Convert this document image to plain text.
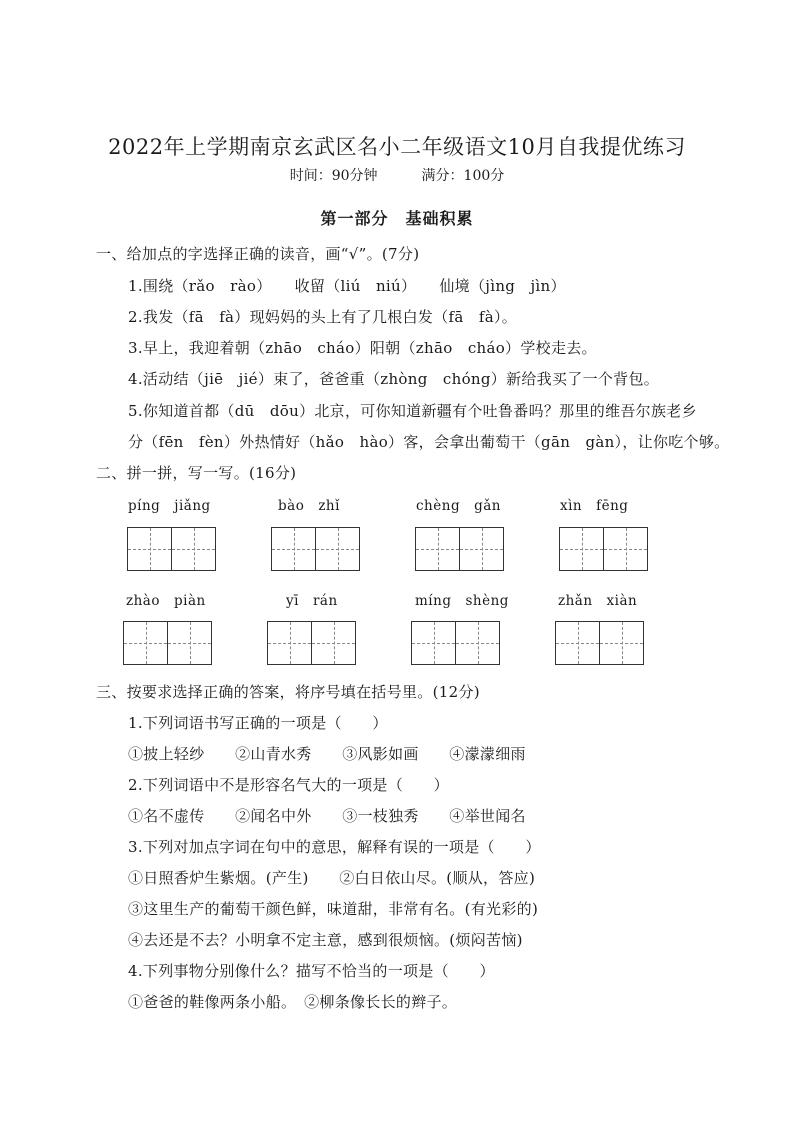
2022年上学期南京玄武区名小二年级语文10月自我提优练习
时间：90分钟	满分：100分
第一部分　基础积累
一、给加点的字选择正确的读音，画“√”。(7分)
1.围绕（rǎo　rào）　　收留（liú　niú）　　仙境（jìng　jìn）
2.我发（fā　fà）现妈妈的头上有了几根白发（fā　fà）。
3.早上，我迎着朝（zhāo　cháo）阳朝（zhāo　cháo）学校走去。
4.活动结（jiē　jié）束了，爸爸重（zhòng　chóng）新给我买了一个背包。
5.你知道首都（dū　dōu）北京，可你知道新疆有个吐鲁番吗？那里的维吾尔族老乡
分（fēn　fèn）外热情好（hǎo　hào）客，会拿出葡萄干（gān　gàn），让你吃个够。
二、拼一拼，写一写。(16分)
píng　jiǎng	bào　zhǐ	chèng　gǎn	xìn　fēng
zhào　piàn	yī　rán	míng　shèng	zhǎn　xiàn
三、按要求选择正确的答案，将序号填在括号里。(12分)
1.下列词语书写正确的一项是（　　）
①披上轻纱　　②山青水秀　　③风影如画　　④濛濛细雨
2.下列词语中不是形容名气大的一项是（　　）
①名不虚传　　②闻名中外　　③一枝独秀　　④举世闻名
3.下列对加点字词在句中的意思，解释有误的一项是（　　）
①日照香炉生紫烟。(产生)　　②白日依山尽。(顺从，答应)
③这里生产的葡萄干颜色鲜，味道甜，非常有名。(有光彩的)
④去还是不去？小明拿不定主意，感到很烦恼。(烦闷苦恼)
4.下列事物分别像什么？描写不恰当的一项是（　　）
①爸爸的鞋像两条小船。　②柳条像长长的辫子。
